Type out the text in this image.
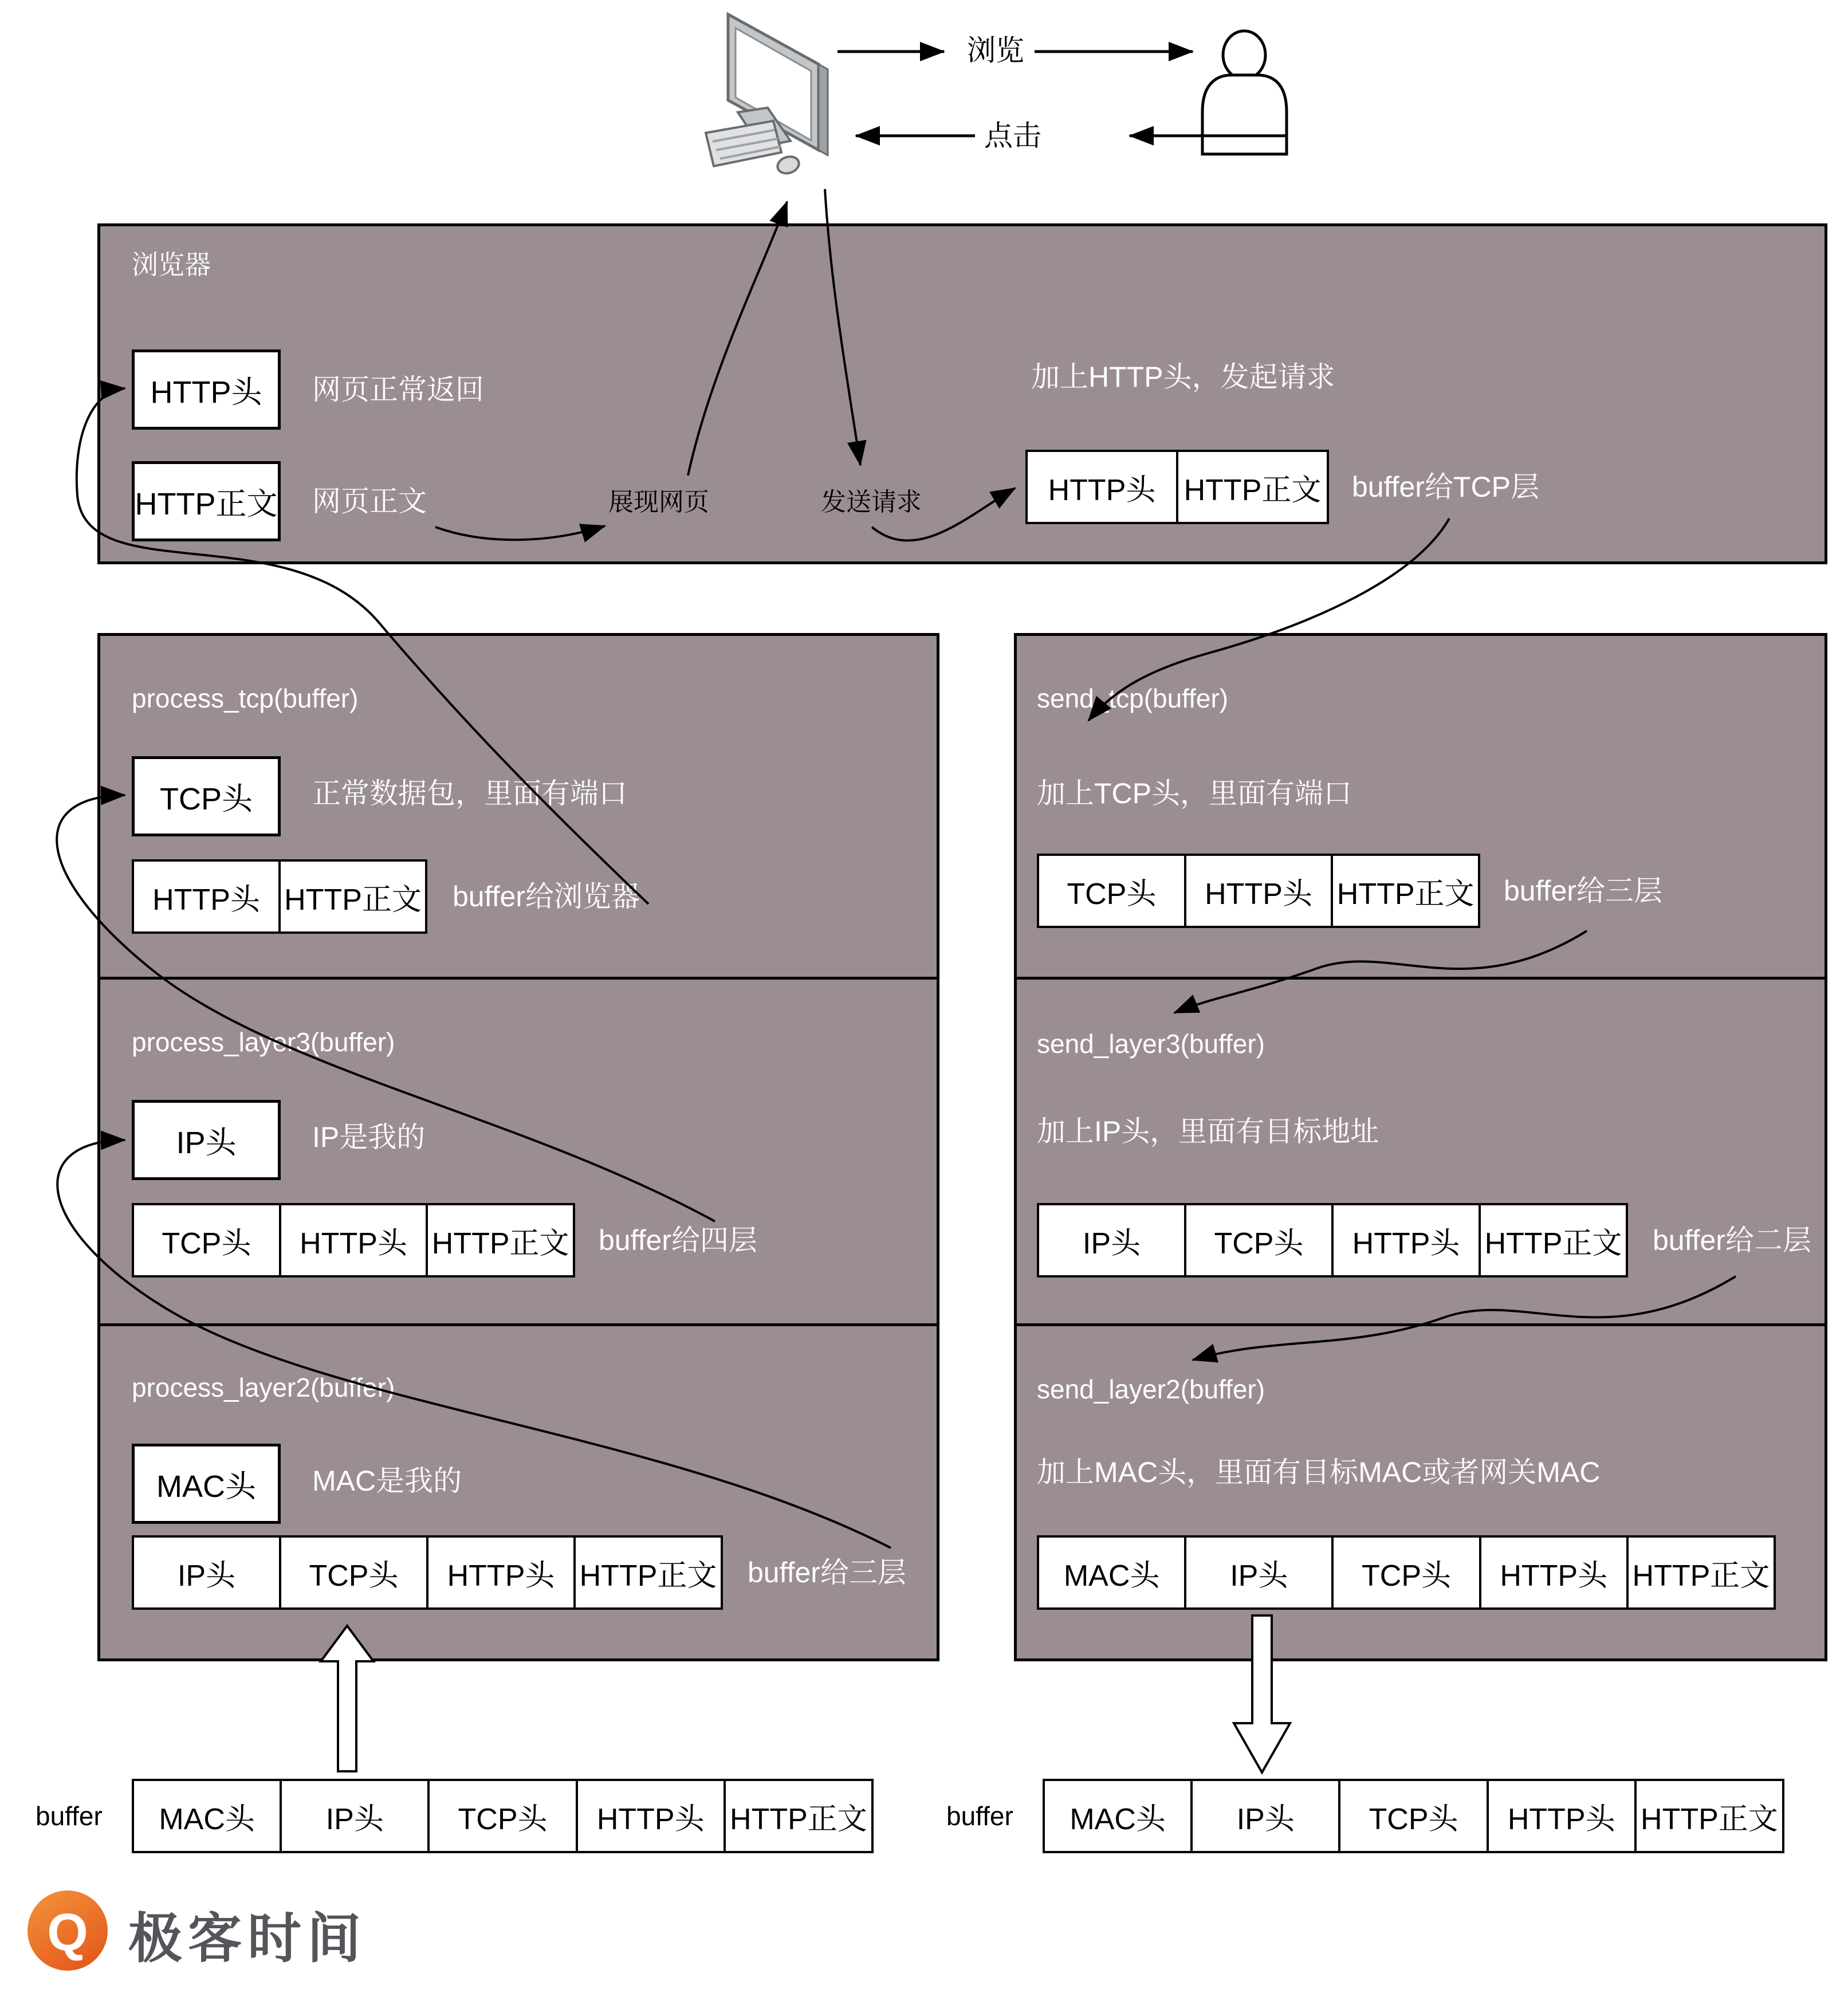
浏览
点击
浏览器
HTTP头	网页正常返回
HTTP正文 网页正文	展现网页	发送请求
加上HTTP头，发起请求
HTTP头 HTTP正文 buffer给TCP层
process_tcp(buffer)
TCP头	正常数据包，里面有端口
HTTP头 HTTP正文 buffer给浏览器
process_layer3(buffer)
IP头	IP是我的
TCP头	HTTP头 HTTP正文 buffer给四层
process_layer2(buffer)
MAC头	MAC是我的
IP头	TCP头	HTTP头 HTTP正文 buffer给三层
send_tcp(buffer)
加上TCP头，里面有端口
TCP头	HTTP头 HTTP正文 buffer给三层
send_layer3(buffer)
加上IP头，里面有目标地址
IP头	TCP头	HTTP头 HTTP正文 buffer给二层
send_layer2(buffer)
加上MAC头，里面有目标MAC或者网关MAC
MAC头	IP头	TCP头	HTTP头 HTTP正文
buffer	MAC头	IP头	TCP头	HTTP头 HTTP正文	buffer	MAC头	IP头	TCP头	HTTP头 HTTP正文
Q 极客时间
